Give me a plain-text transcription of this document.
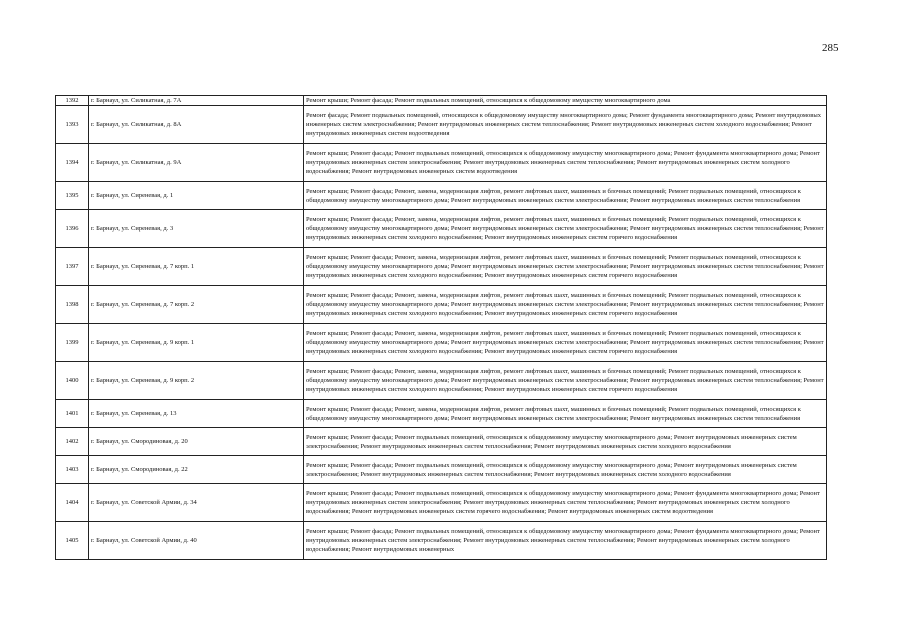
285
1392	г. Барнаул, ул. Силикатная, д. 7А	Ремонт крыши; Ремонт фасада; Ремонт подвальных помещений, относящихся к общедомовому имуществу многоквартирного дома
1393	г. Барнаул, ул. Силикатная, д. 8А	Ремонт фасада; Ремонт подвальных помещений, относящихся к общедомовому имуществу многоквартирного дома; Ремонт фундамента многоквартирного дома; Ремонт внутридомовых инженерных систем электроснабжения; Ремонт внутридомовых инженерных систем теплоснабжения; Ремонт внутридомовых инженерных систем холодного водоснабжения; Ремонт внутридомовых инженерных систем водоотведения
1394	г. Барнаул, ул. Силикатная, д. 9А	Ремонт крыши; Ремонт фасада; Ремонт подвальных помещений, относящихся к общедомовому имуществу многоквартирного дома; Ремонт фундамента многоквартирного дома; Ремонт внутридомовых инженерных систем электроснабжения; Ремонт внутридомовых инженерных систем теплоснабжения; Ремонт внутридомовых инженерных систем холодного водоснабжения; Ремонт внутридомовых инженерных систем водоотведения
1395	г. Барнаул, ул. Сиреневая, д. 1	Ремонт крыши; Ремонт фасада; Ремонт, замена, модернизация лифтов, ремонт лифтовых шахт, машинных и блочных помещений; Ремонт подвальных помещений, относящихся к общедомовому имуществу многоквартирного дома; Ремонт внутридомовых инженерных систем электроснабжения; Ремонт внутридомовых инженерных систем теплоснабжения
1396	г. Барнаул, ул. Сиреневая, д. 3	Ремонт крыши; Ремонт фасада; Ремонт, замена, модернизация лифтов, ремонт лифтовых шахт, машинных и блочных помещений; Ремонт подвальных помещений, относящихся к общедомовому имуществу многоквартирного дома; Ремонт внутридомовых инженерных систем электроснабжения; Ремонт внутридомовых инженерных систем теплоснабжения; Ремонт внутридомовых инженерных систем холодного водоснабжения; Ремонт внутридомовых инженерных систем горячего водоснабжения
1397	г. Барнаул, ул. Сиреневая, д. 7 корп. 1	Ремонт крыши; Ремонт фасада; Ремонт, замена, модернизация лифтов, ремонт лифтовых шахт, машинных и блочных помещений; Ремонт подвальных помещений, относящихся к общедомовому имуществу многоквартирного дома; Ремонт внутридомовых инженерных систем электроснабжения; Ремонт внутридомовых инженерных систем теплоснабжения; Ремонт внутридомовых инженерных систем холодного водоснабжения; Ремонт внутридомовых инженерных систем горячего водоснабжения
1398	г. Барнаул, ул. Сиреневая, д. 7 корп. 2	Ремонт крыши; Ремонт фасада; Ремонт, замена, модернизация лифтов, ремонт лифтовых шахт, машинных и блочных помещений; Ремонт подвальных помещений, относящихся к общедомовому имуществу многоквартирного дома; Ремонт внутридомовых инженерных систем электроснабжения; Ремонт внутридомовых инженерных систем теплоснабжения; Ремонт внутридомовых инженерных систем холодного водоснабжения; Ремонт внутридомовых инженерных систем горячего водоснабжения
1399	г. Барнаул, ул. Сиреневая, д. 9 корп. 1	Ремонт крыши; Ремонт фасада; Ремонт, замена, модернизация лифтов, ремонт лифтовых шахт, машинных и блочных помещений; Ремонт подвальных помещений, относящихся к общедомовому имуществу многоквартирного дома; Ремонт внутридомовых инженерных систем электроснабжения; Ремонт внутридомовых инженерных систем теплоснабжения; Ремонт внутридомовых инженерных систем холодного водоснабжения; Ремонт внутридомовых инженерных систем горячего водоснабжения
1400	г. Барнаул, ул. Сиреневая, д. 9 корп. 2	Ремонт крыши; Ремонт фасада; Ремонт, замена, модернизация лифтов, ремонт лифтовых шахт, машинных и блочных помещений; Ремонт подвальных помещений, относящихся к общедомовому имуществу многоквартирного дома; Ремонт внутридомовых инженерных систем электроснабжения; Ремонт внутридомовых инженерных систем теплоснабжения; Ремонт внутридомовых инженерных систем холодного водоснабжения; Ремонт внутридомовых инженерных систем горячего водоснабжения
1401	г. Барнаул, ул. Сиреневая, д. 13	Ремонт крыши; Ремонт фасада; Ремонт, замена, модернизация лифтов, ремонт лифтовых шахт, машинных и блочных помещений; Ремонт подвальных помещений, относящихся к общедомовому имуществу многоквартирного дома; Ремонт внутридомовых инженерных систем электроснабжения; Ремонт внутридомовых инженерных систем теплоснабжения
1402	г. Барнаул, ул. Смородиновая, д. 20	Ремонт крыши; Ремонт фасада; Ремонт подвальных помещений, относящихся к общедомовому имуществу многоквартирного дома; Ремонт внутридомовых инженерных систем электроснабжения; Ремонт внутридомовых инженерных систем теплоснабжения; Ремонт внутридомовых инженерных систем холодного водоснабжения
1403	г. Барнаул, ул. Смородиновая, д. 22	Ремонт крыши; Ремонт фасада; Ремонт подвальных помещений, относящихся к общедомовому имуществу многоквартирного дома; Ремонт внутридомовых инженерных систем электроснабжения; Ремонт внутридомовых инженерных систем теплоснабжения; Ремонт внутридомовых инженерных систем холодного водоснабжения
1404	г. Барнаул, ул. Советской Армии, д. 34	Ремонт крыши; Ремонт фасада; Ремонт подвальных помещений, относящихся к общедомовому имуществу многоквартирного дома; Ремонт фундамента многоквартирного дома; Ремонт внутридомовых инженерных систем электроснабжения; Ремонт внутридомовых инженерных систем теплоснабжения; Ремонт внутридомовых инженерных систем холодного водоснабжения; Ремонт внутридомовых инженерных систем горячего водоснабжения; Ремонт внутридомовых инженерных систем водоотведения
1405	г. Барнаул, ул. Советской Армии, д. 40	Ремонт крыши; Ремонт фасада; Ремонт подвальных помещений, относящихся к общедомовому имуществу многоквартирного дома; Ремонт фундамента многоквартирного дома; Ремонт внутридомовых инженерных систем электроснабжения; Ремонт внутридомовых инженерных систем теплоснабжения; Ремонт внутридомовых инженерных систем холодного водоснабжения; Ремонт внутридомовых инженерных
